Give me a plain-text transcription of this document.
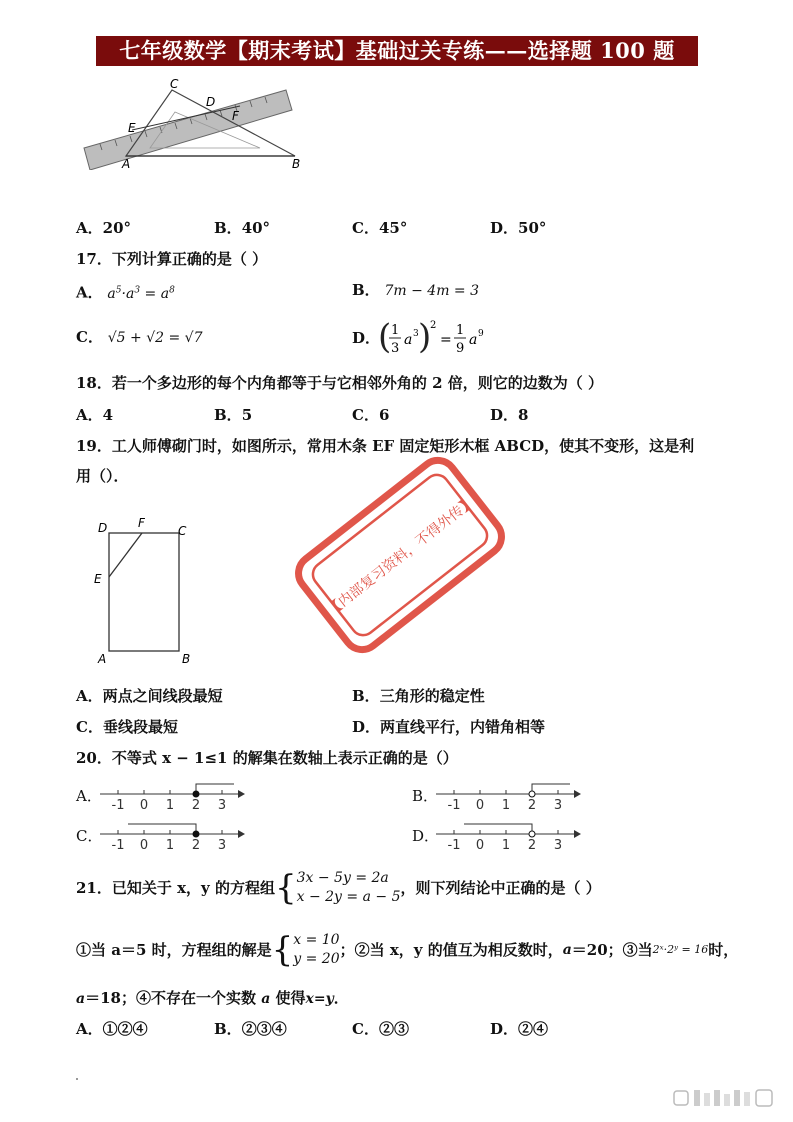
七年级数学【期末考试】基础过关专练——选择题 100 题
C
D
E
F
A	B
A．20°	B．40°	C．45°	D．50°
17．下列计算正确的是（ ）
A． $a^5\cdot a^3 = a^8$	B． 7m − 4m = 3
C． √5 + √2 = √7	D．
( 1
3
a 3 )
2
=
1
9
a 9
18．若一个多边形的每个内角都等于与它相邻外角的 2 倍，则它的边数为（ ）
A．4	B．5	C．6	D．8
19．工人师傅砌门时，如图所示，常用木条 EF 固定矩形木框 ABCD，使其不变形，这是利
用（）．
D	F
C
E
A	B
【内部复习资料，不得外传】
A．两点之间线段最短	B．三角形的稳定性
C．垂线段最短	D．两直线平行，内错角相等
20．不等式 x − 1≤1 的解集在数轴上表示正确的是（）
A．
-1 0 1 2 3
B．
-1 0 1 2 3
C．
-1 0 1 2 3
D．
-1 0 1 2 3
21．已知关于 x，y 的方程组 { 3x − 5y = 2a
x − 2y = a − 5 ，则下列结论中正确的是（ ）
①当 a＝5 时，方程组的解是 { x = 10
y = 20 ；②当 x，y 的值互为相反数时， a ＝20；③当 2ˣ·2ʸ = 16 时，
a＝18；④不存在一个实数 a 使得x=y．
A．①②④	B．②③④	C．②③	D．②④
